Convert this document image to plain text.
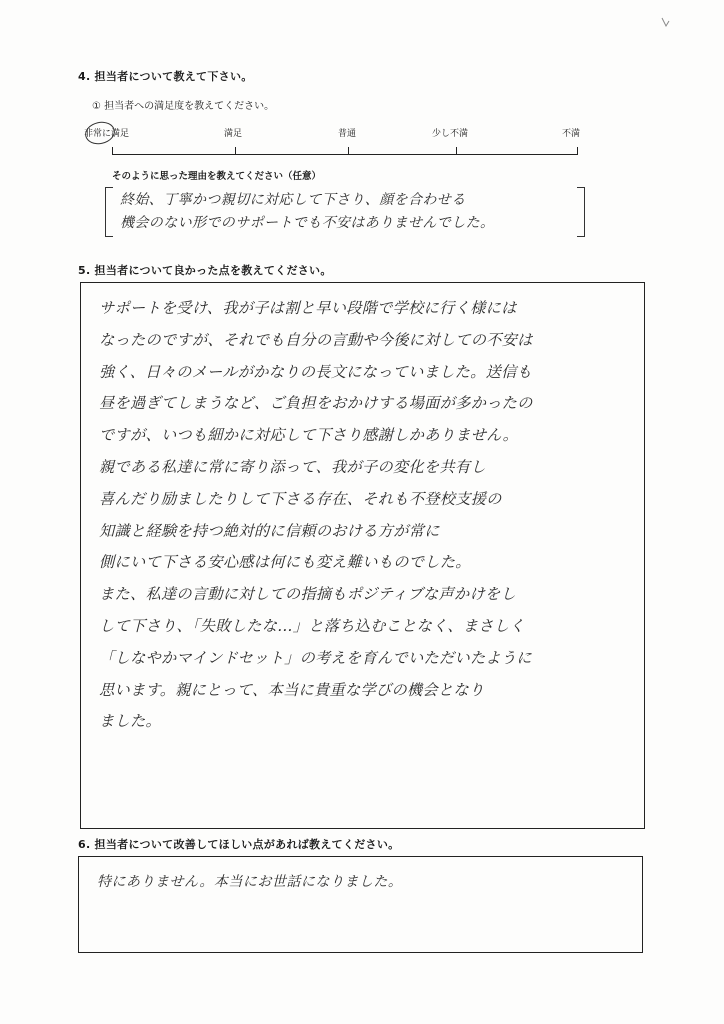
4. 担当者について教えて下さい。
① 担当者への満足度を教えてください。
非常に満足	満足	普通	少し不満	不満
そのように思った理由を教えてください（任意）
終始、丁寧かつ親切に対応して下さり、顔を合わせる
機会のない形でのサポートでも不安はありませんでした。
5. 担当者について良かった点を教えてください。
サポートを受け、我が子は割と早い段階で学校に行く様には
なったのですが、それでも自分の言動や今後に対しての不安は
強く、日々のメールがかなりの長文になっていました。送信も
昼を過ぎてしまうなど、ご負担をおかけする場面が多かったの
ですが、いつも細かに対応して下さり感謝しかありません。
親である私達に常に寄り添って、我が子の変化を共有し
喜んだり励ましたりして下さる存在、それも不登校支援の
知識と経験を持つ絶対的に信頼のおける方が常に
側にいて下さる安心感は何にも変え難いものでした。
また、私達の言動に対しての指摘もポジティブな声かけをし
して下さり、「失敗したな…」と落ち込むことなく、まさしく
「しなやかマインドセット」の考えを育んでいただいたように
思います。親にとって、本当に貴重な学びの機会となり
ました。
6. 担当者について改善してほしい点があれば教えてください。
特にありません。本当にお世話になりました。
